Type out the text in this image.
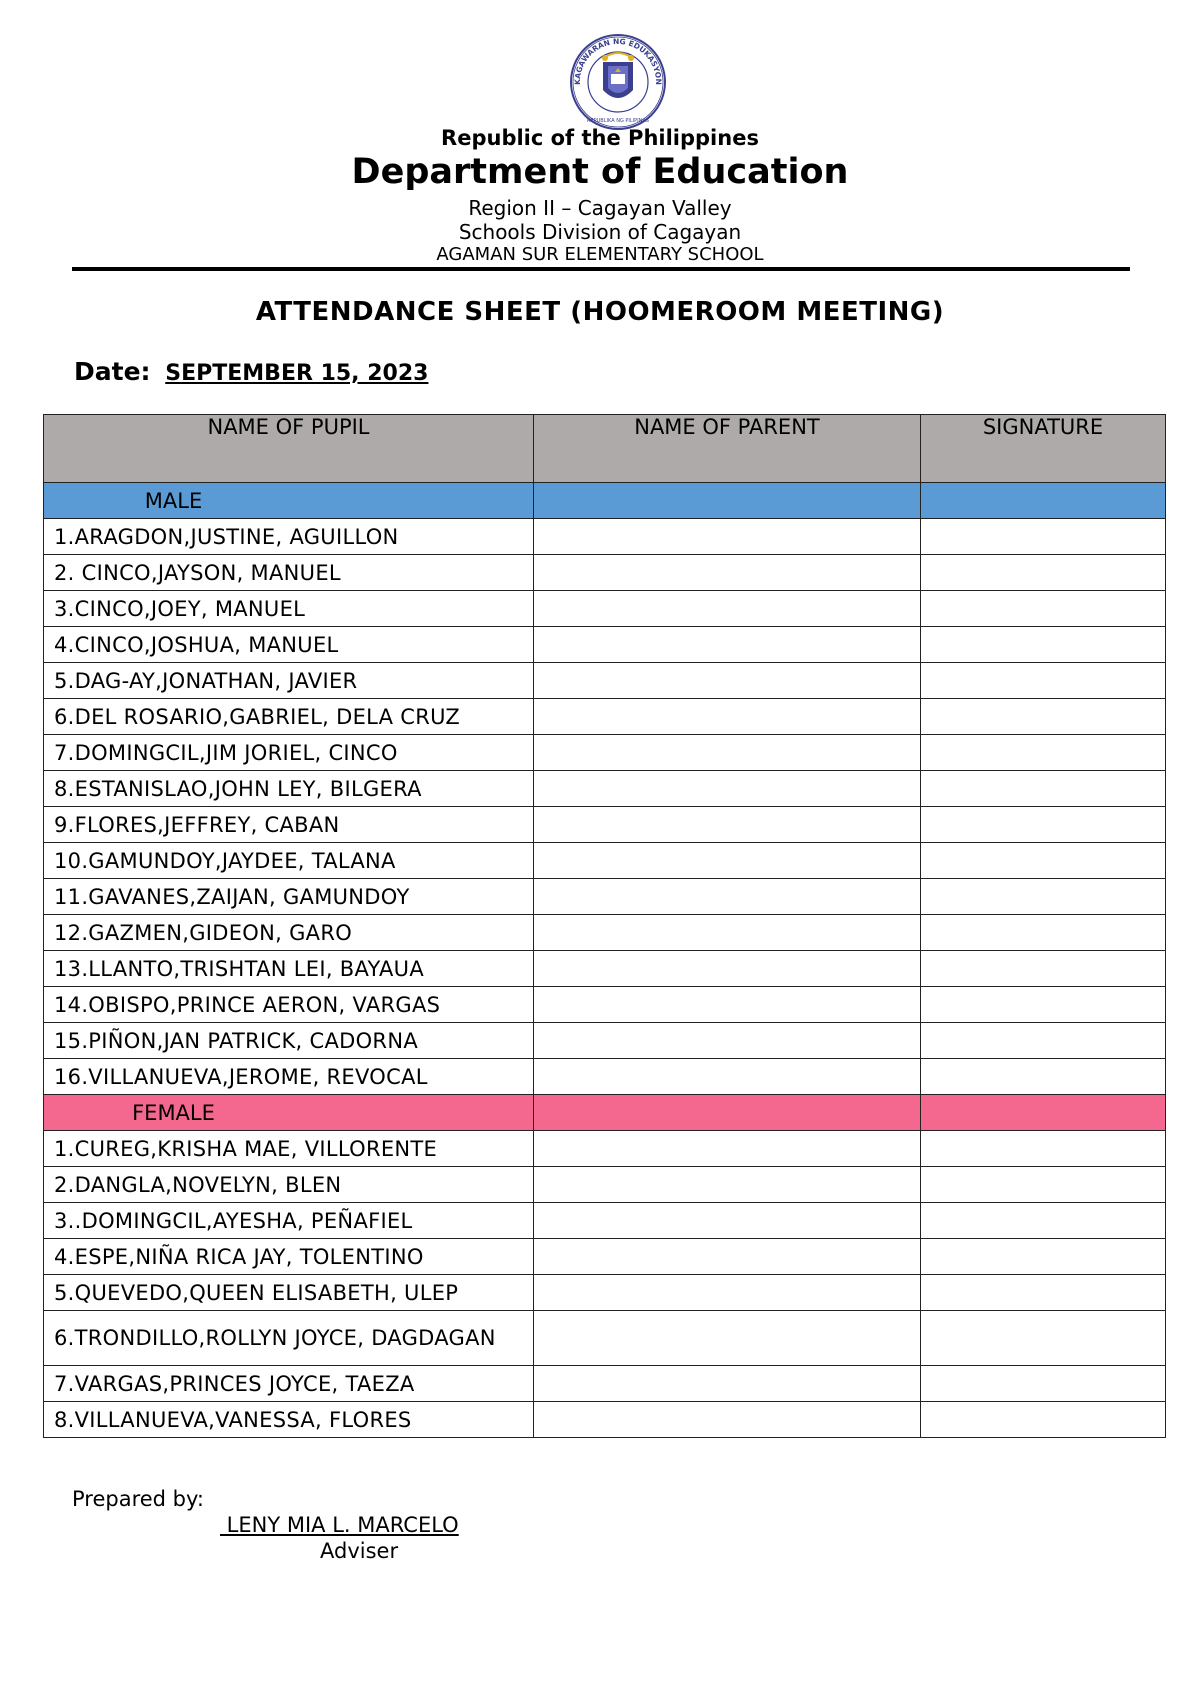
KAGAWARAN NG EDUKASYON
REPUBLIKA NG PILIPINAS
Republic of the Philippines
Department of Education
Region II – Cagayan Valley
Schools Division of Cagayan
AGAMAN SUR ELEMENTARY SCHOOL
ATTENDANCE SHEET (HOOMEROOM MEETING)
Date: SEPTEMBER 15, 2023
NAME OF PUPIL	NAME OF PARENT	SIGNATURE
MALE		
1.ARAGDON,JUSTINE, AGUILLON		
2. CINCO,JAYSON, MANUEL		
3.CINCO,JOEY, MANUEL		
4.CINCO,JOSHUA, MANUEL		
5.DAG-AY,JONATHAN, JAVIER		
6.DEL ROSARIO,GABRIEL, DELA CRUZ		
7.DOMINGCIL,JIM JORIEL, CINCO		
8.ESTANISLAO,JOHN LEY, BILGERA		
9.FLORES,JEFFREY, CABAN		
10.GAMUNDOY,JAYDEE, TALANA		
11.GAVANES,ZAIJAN, GAMUNDOY		
12.GAZMEN,GIDEON, GARO		
13.LLANTO,TRISHTAN LEI, BAYAUA		
14.OBISPO,PRINCE AERON, VARGAS		
15.PIÑON,JAN PATRICK, CADORNA		
16.VILLANUEVA,JEROME, REVOCAL		
FEMALE		
1.CUREG,KRISHA MAE, VILLORENTE		
2.DANGLA,NOVELYN, BLEN		
3..DOMINGCIL,AYESHA, PEÑAFIEL		
4.ESPE,NIÑA RICA JAY, TOLENTINO		
5.QUEVEDO,QUEEN ELISABETH, ULEP		
6.TRONDILLO,ROLLYN JOYCE, DAGDAGAN		
7.VARGAS,PRINCES JOYCE, TAEZA		
8.VILLANUEVA,VANESSA, FLORES		
Prepared by:
LENY MIA L. MARCELO
Adviser
